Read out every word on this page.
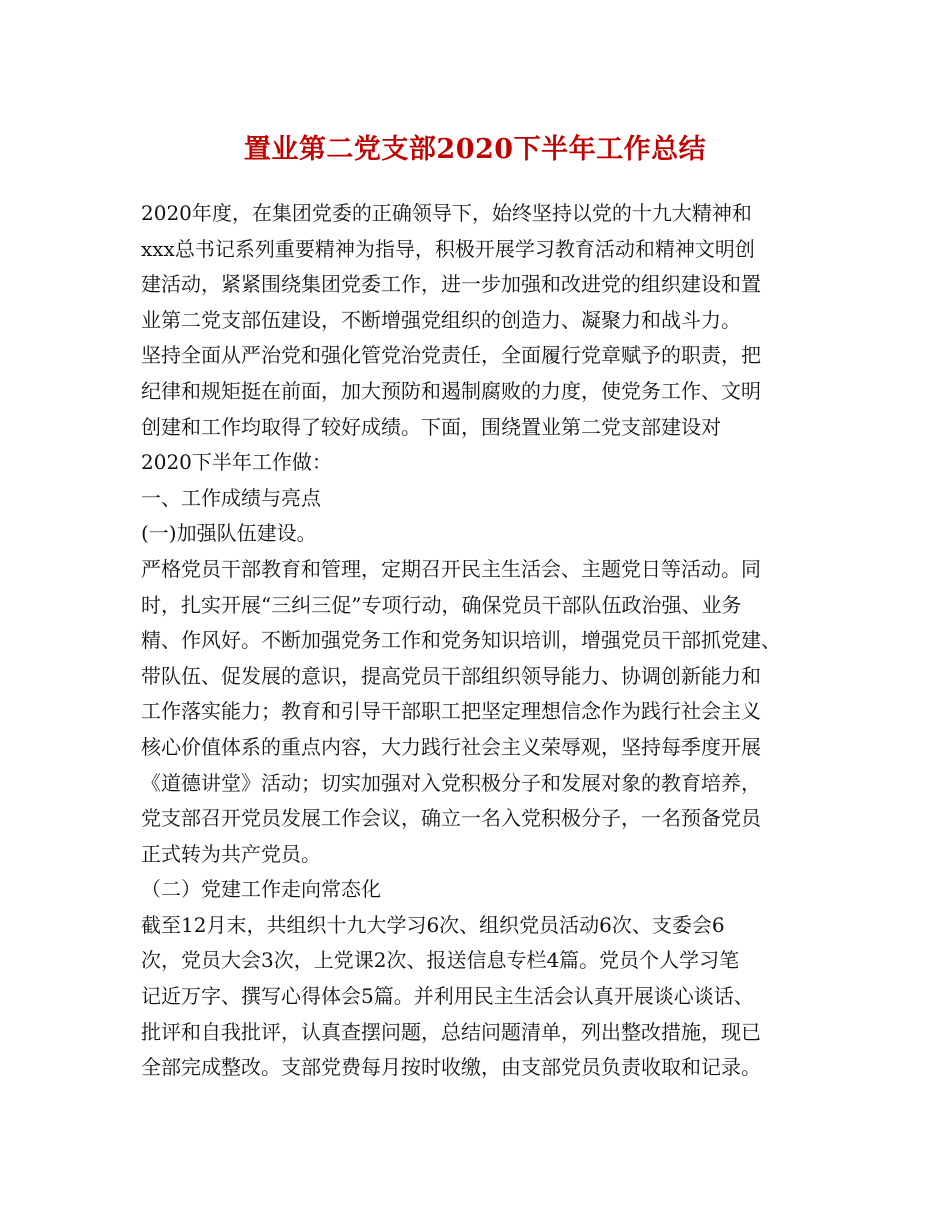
置业第二党支部2020下半年工作总结
2020年度，在集团党委的正确领导下，始终坚持以党的十九大精神和
xxx总书记系列重要精神为指导，积极开展学习教育活动和精神文明创
建活动，紧紧围绕集团党委工作，进一步加强和改进党的组织建设和置
业第二党支部伍建设，不断增强党组织的创造力、凝聚力和战斗力。
坚持全面从严治党和强化管党治党责任，全面履行党章赋予的职责，把
纪律和规矩挺在前面，加大预防和遏制腐败的力度，使党务工作、文明
创建和工作均取得了较好成绩。下面，围绕置业第二党支部建设对
2020下半年工作做：
一、工作成绩与亮点
(一)加强队伍建设。
严格党员干部教育和管理，定期召开民主生活会、主题党日等活动。同
时，扎实开展“三纠三促”专项行动，确保党员干部队伍政治强、业务
精、作风好。不断加强党务工作和党务知识培训，增强党员干部抓党建、
带队伍、促发展的意识，提高党员干部组织领导能力、协调创新能力和
工作落实能力；教育和引导干部职工把坚定理想信念作为践行社会主义
核心价值体系的重点内容，大力践行社会主义荣辱观，坚持每季度开展
《道德讲堂》活动；切实加强对入党积极分子和发展对象的教育培养，
党支部召开党员发展工作会议，确立一名入党积极分子，一名预备党员
正式转为共产党员。
（二）党建工作走向常态化
截至12月末，共组织十九大学习6次、组织党员活动6次、支委会6
次，党员大会3次，上党课2次、报送信息专栏4篇。党员个人学习笔
记近万字、撰写心得体会5篇。并利用民主生活会认真开展谈心谈话、
批评和自我批评，认真查摆问题，总结问题清单，列出整改措施，现已
全部完成整改。支部党费每月按时收缴，由支部党员负责收取和记录。
